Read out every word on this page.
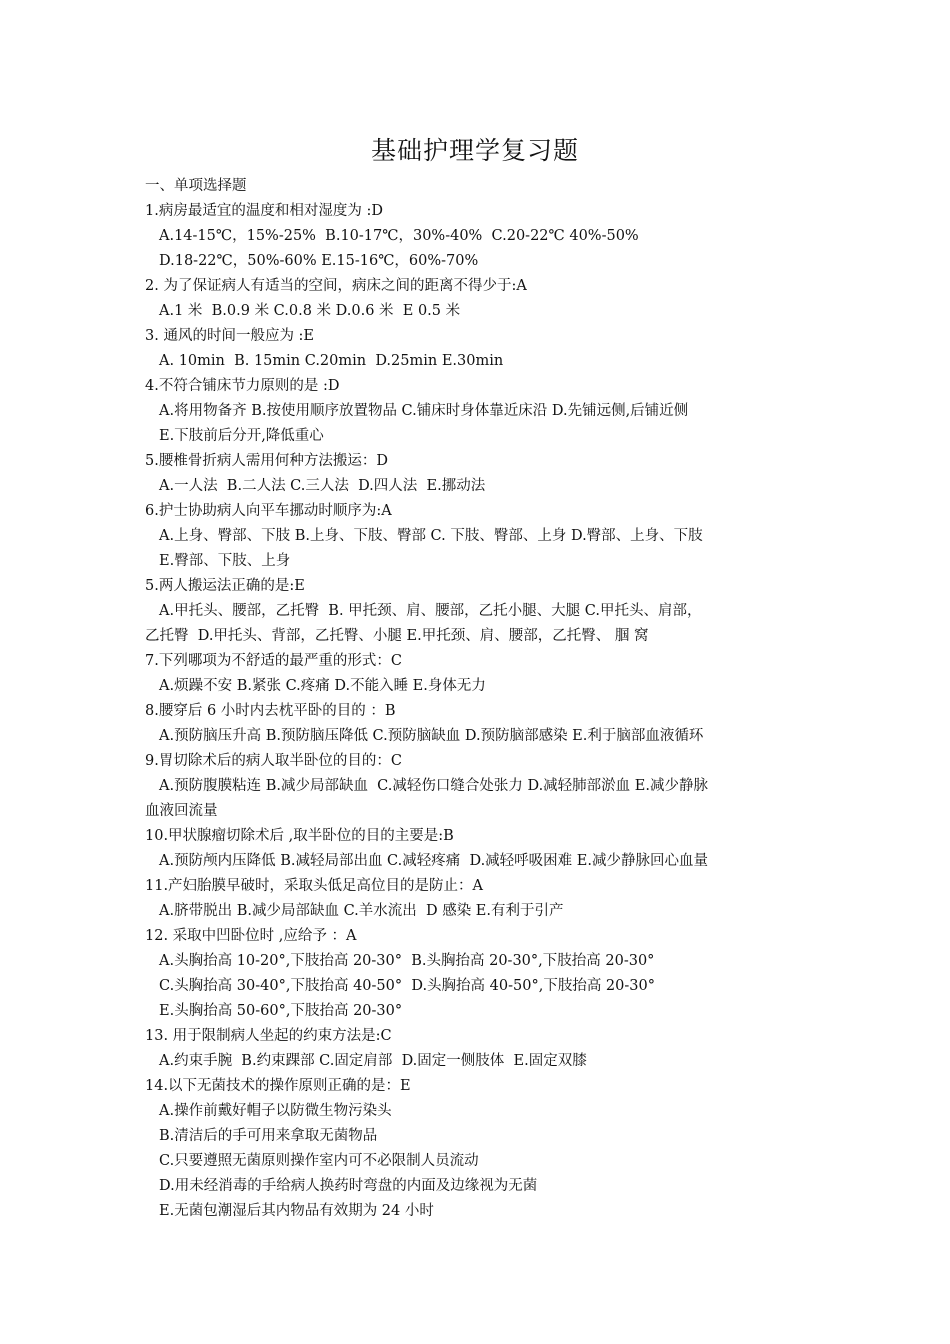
基础护理学复习题
一、单项选择题
1.病房最适宜的温度和相对湿度为 :D
A.14-15℃，15%-25%  B.10-17℃，30%-40%  C.20-22℃ 40%-50%
D.18-22℃，50%-60% E.15-16℃，60%-70%
2. 为了保证病人有适当的空间，病床之间的距离不得少于:A
A.1 米  B.0.9 米 C.0.8 米 D.0.6 米  E 0.5 米
3. 通风的时间一般应为 :E
A. 10min  B. 15min C.20min  D.25min E.30min
4.不符合铺床节力原则的是 :D
A.将用物备齐 B.按使用顺序放置物品 C.铺床时身体靠近床沿 D.先铺远侧,后铺近侧
E.下肢前后分开,降低重心
5.腰椎骨折病人需用何种方法搬运：D
A.一人法  B.二人法 C.三人法  D.四人法  E.挪动法
6.护士协助病人向平车挪动时顺序为:A
A.上身、臀部、下肢 B.上身、下肢、臀部 C. 下肢、臀部、上身 D.臀部、上身、下肢
E.臀部、下肢、上身
5.两人搬运法正确的是:E
A.甲托头、腰部，乙托臀  B. 甲托颈、肩、腰部，乙托小腿、大腿 C.甲托头、肩部，
乙托臀  D.甲托头、背部，乙托臀、小腿 E.甲托颈、肩、腰部，乙托臀、 腘 窝
7.下列哪项为不舒适的最严重的形式：C
A.烦躁不安 B.紧张 C.疼痛 D.不能入睡 E.身体无力
8.腰穿后 6 小时内去枕平卧的目的 ：B
A.预防脑压升高 B.预防脑压降低 C.预防脑缺血 D.预防脑部感染 E.利于脑部血液循环
9.胃切除术后的病人取半卧位的目的：C
A.预防腹膜粘连 B.减少局部缺血  C.减轻伤口缝合处张力 D.减轻肺部淤血 E.减少静脉
血液回流量
10.甲状腺瘤切除术后 ,取半卧位的目的主要是:B
A.预防颅内压降低 B.减轻局部出血 C.减轻疼痛  D.减轻呼吸困难 E.减少静脉回心血量
11.产妇胎膜早破时，采取头低足高位目的是防止：A
A.脐带脱出 B.减少局部缺血 C.羊水流出  D 感染 E.有利于引产
12. 采取中凹卧位时 ,应给予 ：A
A.头胸抬高 10-20°,下肢抬高 20-30°  B.头胸抬高 20-30°,下肢抬高 20-30°
C.头胸抬高 30-40°,下肢抬高 40-50°  D.头胸抬高 40-50°,下肢抬高 20-30°
E.头胸抬高 50-60°,下肢抬高 20-30°
13. 用于限制病人坐起的约束方法是:C
A.约束手腕  B.约束踝部 C.固定肩部  D.固定一侧肢体  E.固定双膝
14.以下无菌技术的操作原则正确的是：E
A.操作前戴好帽子以防微生物污染头
B.清洁后的手可用来拿取无菌物品
C.只要遵照无菌原则操作室内可不必限制人员流动
D.用未经消毒的手给病人换药时弯盘的内面及边缘视为无菌
E.无菌包潮湿后其内物品有效期为 24 小时
